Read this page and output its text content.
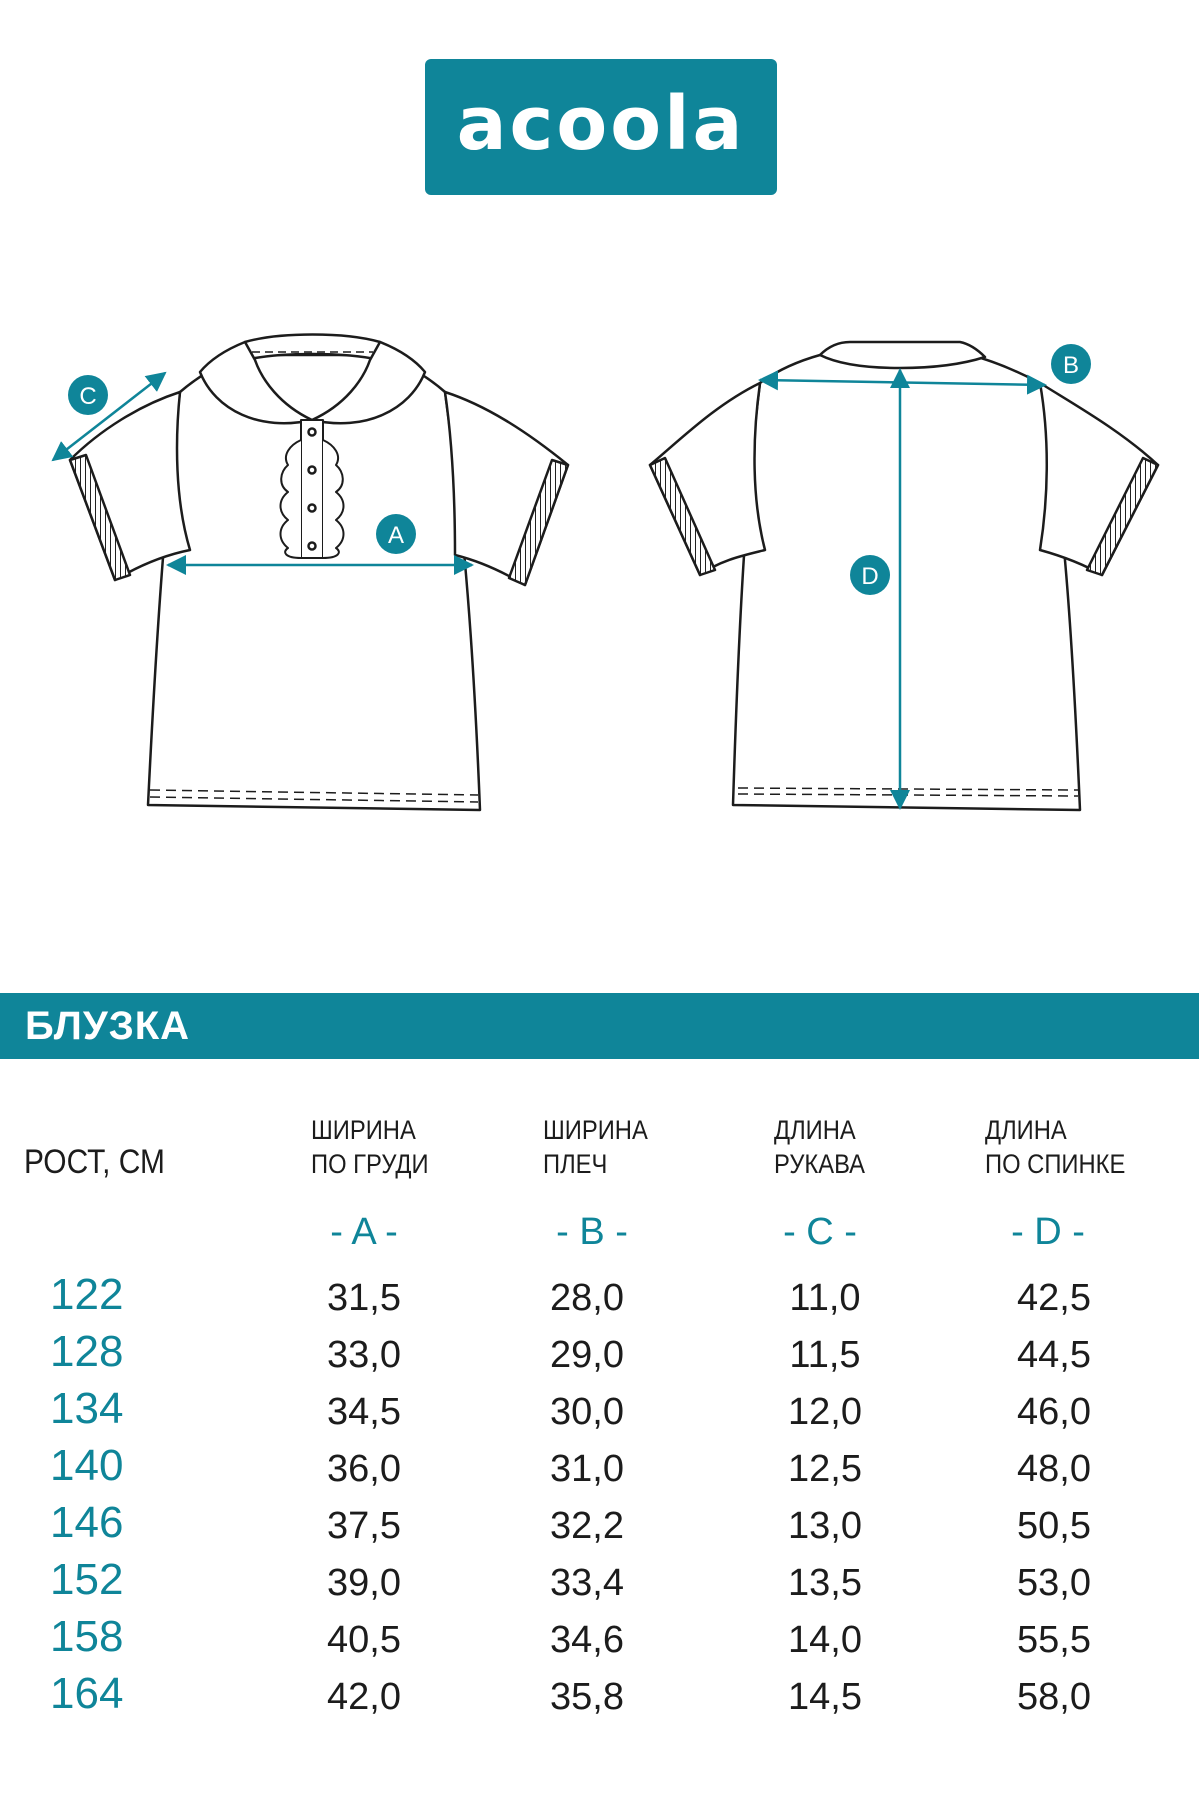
acoola
A
B
C
D
БЛУЗКА
РОСТ, СМ
ШИРИНА
ПО ГРУДИ
ШИРИНА
ПЛЕЧ
ДЛИНА
РУКАВА
ДЛИНА
ПО СПИНКЕ
- A -	- B -	- C -	- D -
122	31,5	28,0	11,0	42,5
128	33,0	29,0	11,5	44,5
134	34,5	30,0	12,0	46,0
140	36,0	31,0	12,5	48,0
146	37,5	32,2	13,0	50,5
152	39,0	33,4	13,5	53,0
158	40,5	34,6	14,0	55,5
164	42,0	35,8	14,5	58,0
